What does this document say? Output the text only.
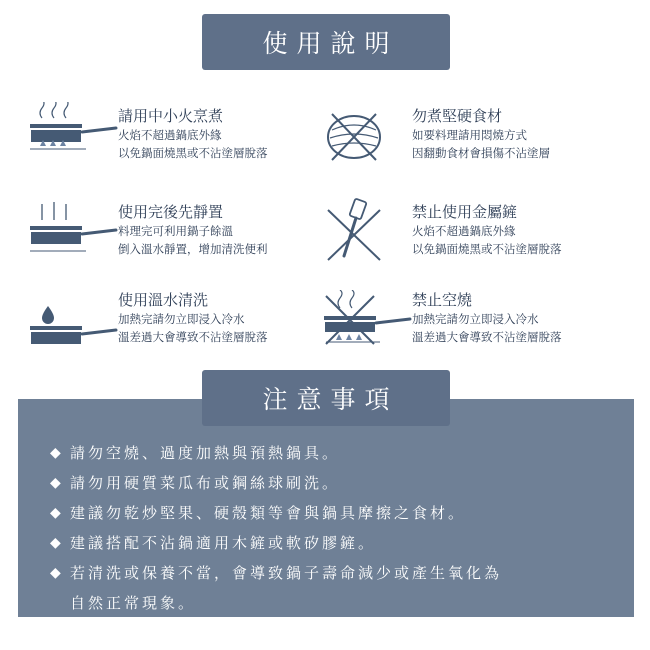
使用說明
請用中小火烹煮
火焰不超過鍋底外緣
以免鍋面燒黑或不沾塗層脫落
勿煮堅硬食材
如要料理請用悶燒方式
因翻動食材會損傷不沾塗層
使用完後先靜置
料理完可利用鍋子餘溫
倒入溫水靜置，增加清洗便利
禁止使用金屬鏟
火焰不超過鍋底外緣
以免鍋面燒黑或不沾塗層脫落
使用溫水清洗
加熱完請勿立即浸入冷水
溫差過大會導致不沾塗層脫落
禁止空燒
加熱完請勿立即浸入冷水
溫差過大會導致不沾塗層脫落
注意事項
◆ 請勿空燒、過度加熱與預熱鍋具。
◆ 請勿用硬質菜瓜布或鋼絲球刷洗。
◆ 建議勿乾炒堅果、硬殼類等會與鍋具摩擦之食材。
◆ 建議搭配不沾鍋適用木鏟或軟矽膠鏟。
◆ 若清洗或保養不當，會導致鍋子壽命減少或產生氧化為
自然正常現象。
